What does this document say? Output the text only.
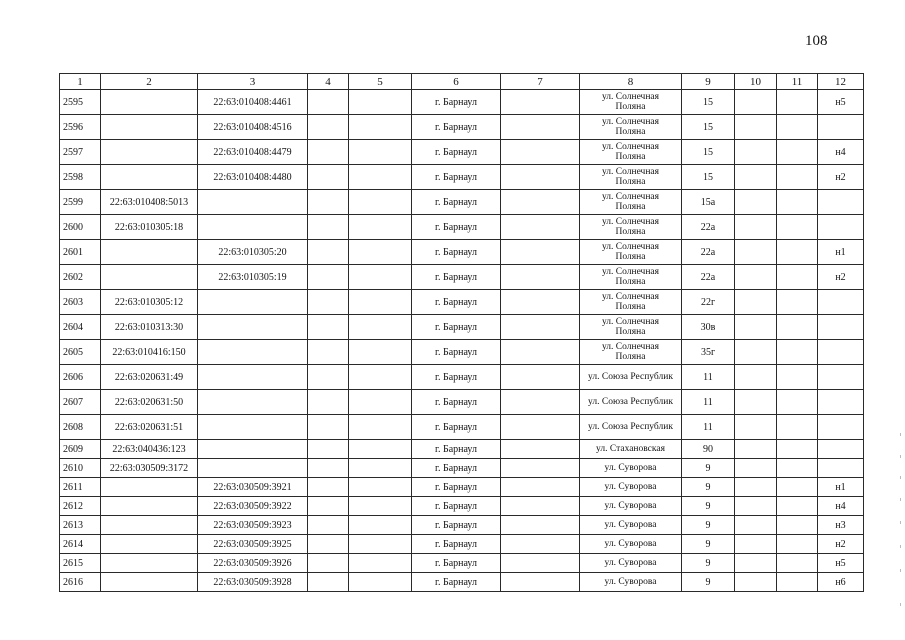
108
1	2	3	4	5	6	7	8	9	10	11	12
2595		22:63:010408:4461			г. Барнаул		ул. Солнечная Поляна	15			н5
2596		22:63:010408:4516			г. Барнаул		ул. Солнечная Поляна	15			
2597		22:63:010408:4479			г. Барнаул		ул. Солнечная Поляна	15			н4
2598		22:63:010408:4480			г. Барнаул		ул. Солнечная Поляна	15			н2
2599	22:63:010408:5013				г. Барнаул		ул. Солнечная Поляна	15а			
2600	22:63:010305:18				г. Барнаул		ул. Солнечная Поляна	22а			
2601		22:63:010305:20			г. Барнаул		ул. Солнечная Поляна	22а			н1
2602		22:63:010305:19			г. Барнаул		ул. Солнечная Поляна	22а			н2
2603	22:63:010305:12				г. Барнаул		ул. Солнечная Поляна	22г			
2604	22:63:010313:30				г. Барнаул		ул. Солнечная Поляна	30в			
2605	22:63:010416:150				г. Барнаул		ул. Солнечная Поляна	35г			
2606	22:63:020631:49				г. Барнаул		ул. Союза Республик	11			
2607	22:63:020631:50				г. Барнаул		ул. Союза Республик	11			
2608	22:63:020631:51				г. Барнаул		ул. Союза Республик	11			
2609	22:63:040436:123				г. Барнаул		ул. Стахановская	90			
2610	22:63:030509:3172				г. Барнаул		ул. Суворова	9			
2611		22:63:030509:3921			г. Барнаул		ул. Суворова	9			н1
2612		22:63:030509:3922			г. Барнаул		ул. Суворова	9			н4
2613		22:63:030509:3923			г. Барнаул		ул. Суворова	9			н3
2614		22:63:030509:3925			г. Барнаул		ул. Суворова	9			н2
2615		22:63:030509:3926			г. Барнаул		ул. Суворова	9			н5
2616		22:63:030509:3928			г. Барнаул		ул. Суворова	9			н6
